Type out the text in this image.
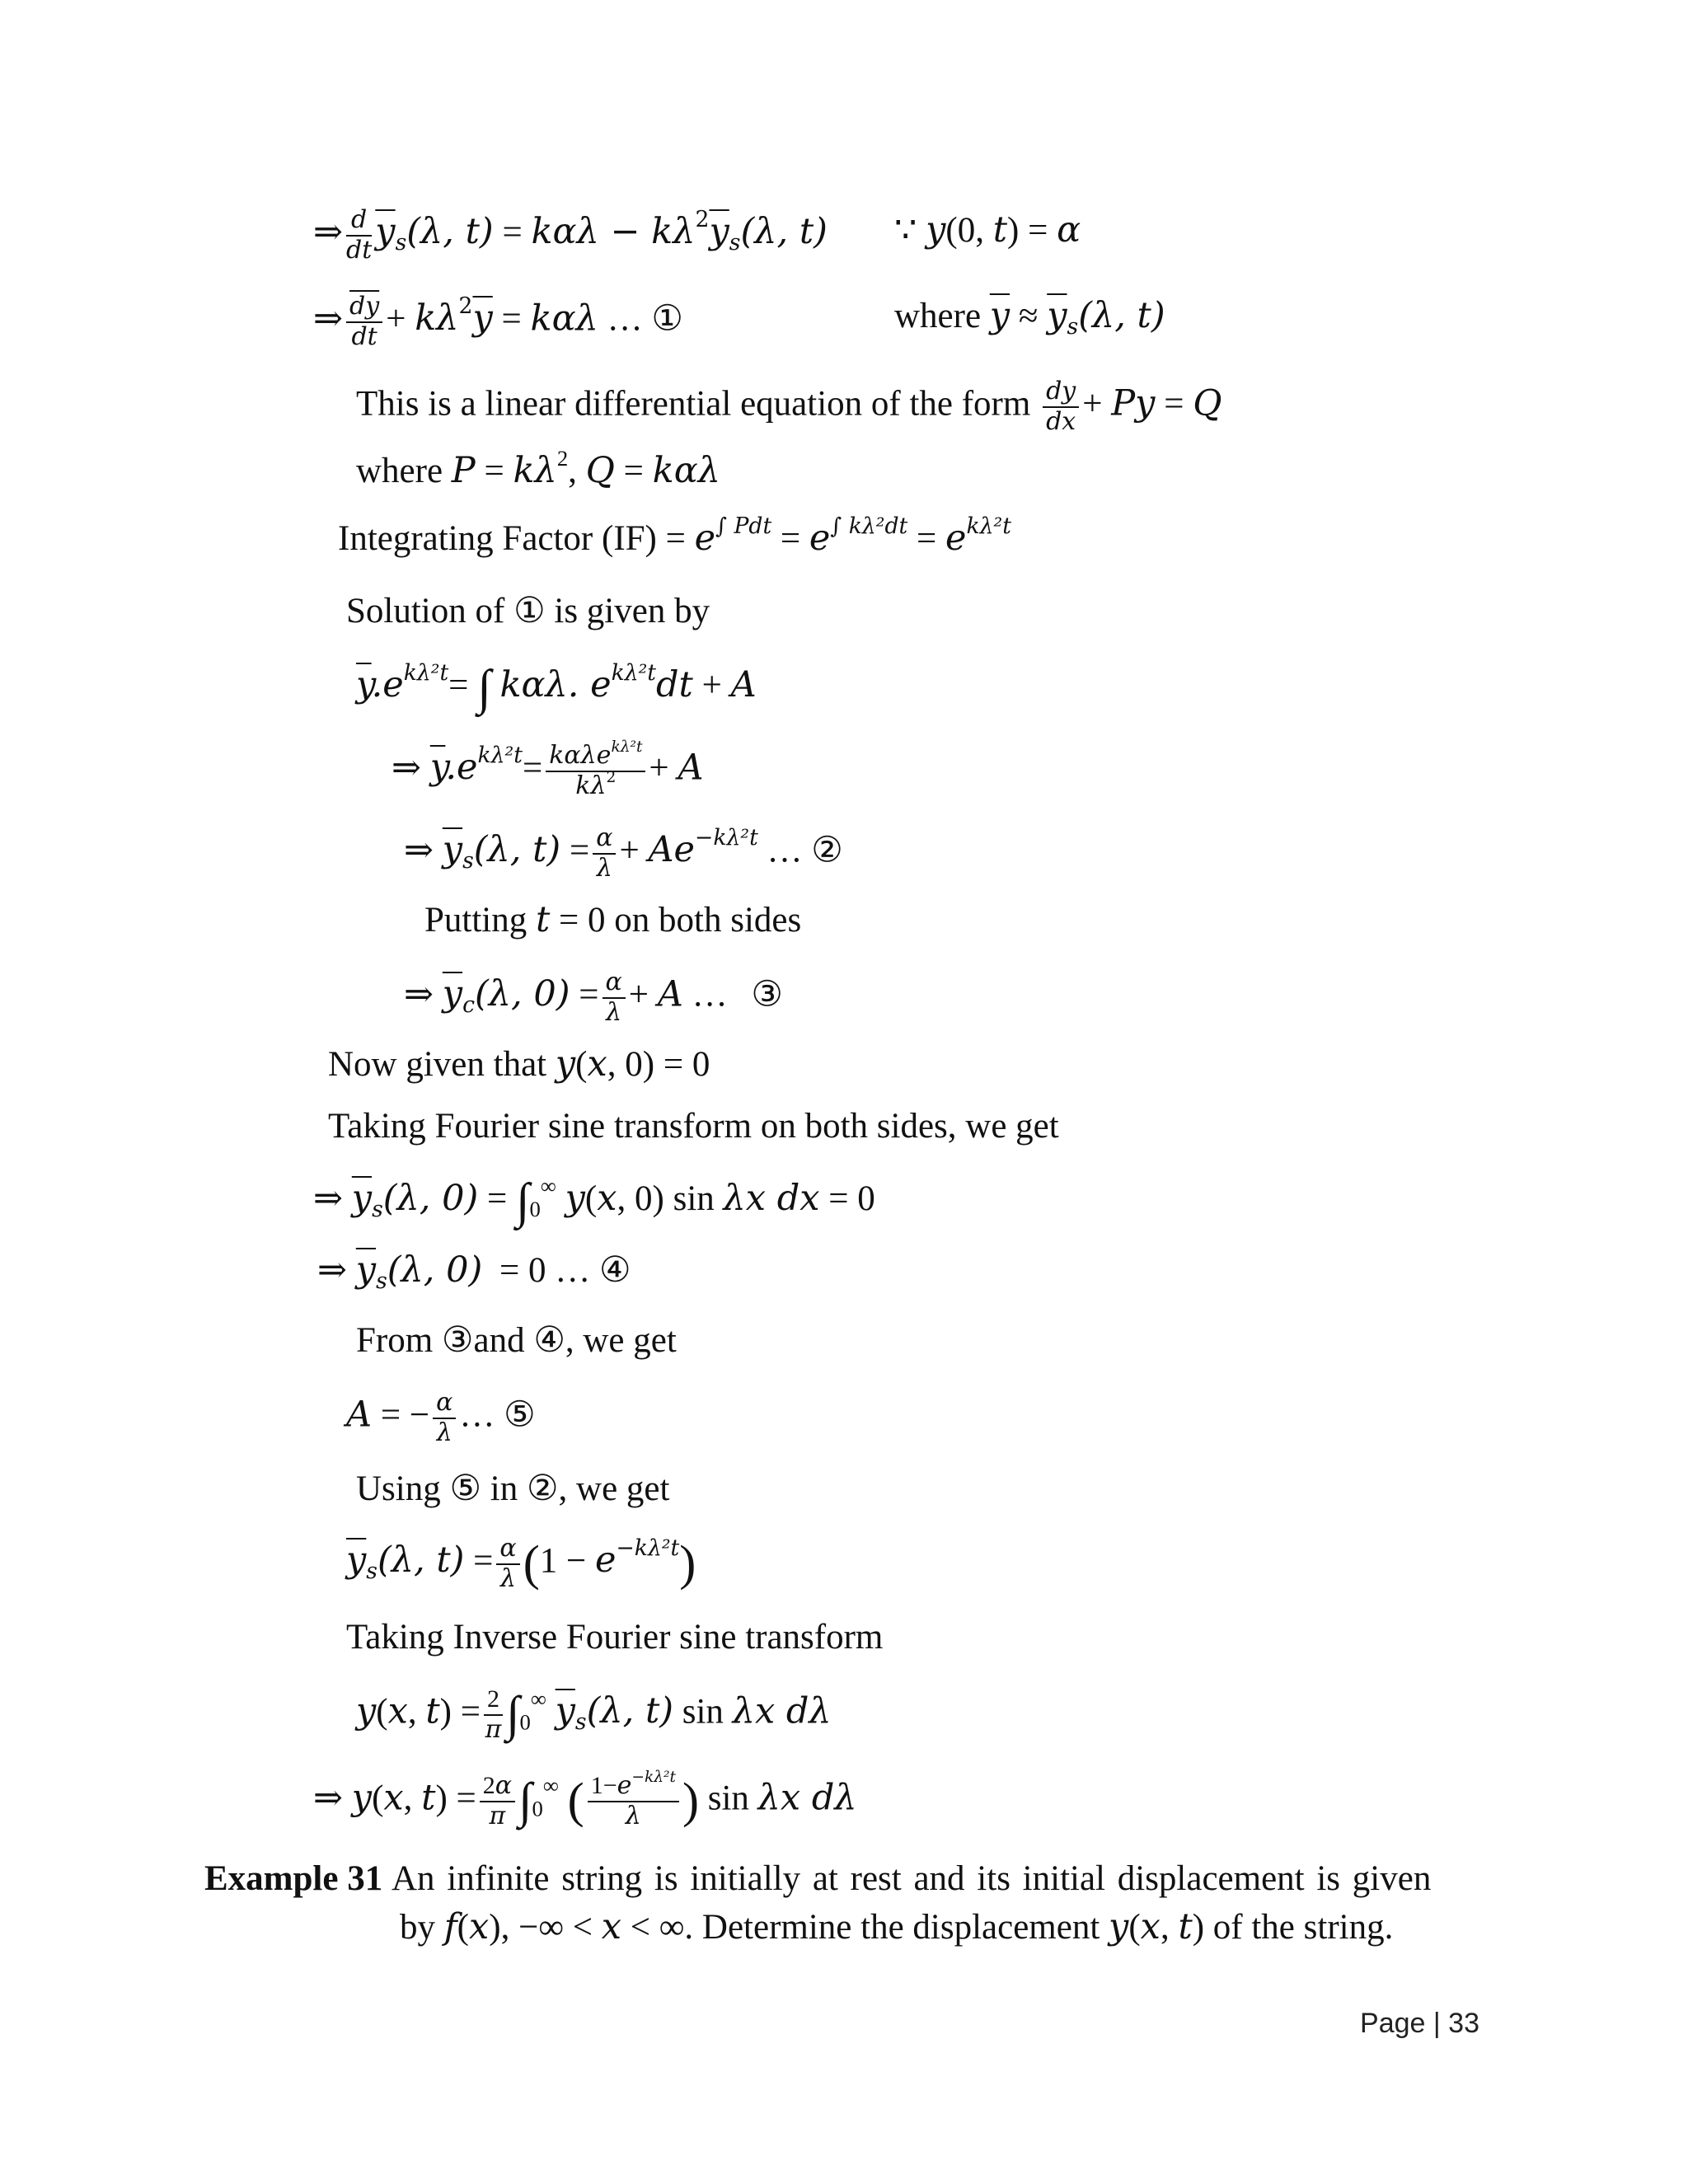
⇒ $\frac{d}{dt} \overline{y}_s(\lambda$, $t) = k\alpha\lambda - k\lambda^2\overline{y}_s(\lambda$, t) ∵ y(0, t) = α
⇒ $\frac{\overline{dy}}{dt} + k\lambda^2\overline{y} = k\alpha\lambda$ … ①	where $\overline{y} \approx \overline{y}_s(\lambda$, t)
This is a linear differential equation of the form $\frac{dy}{dx} + Py = Q$
where $P = k\lambda^2$, Q = kαλ
Integrating Factor $(IF) = e^{\int Pdt} = e^{\int k\lambda^2dt} = e^{k\lambda^2t}$
Solution of ① is given by
$\overline{y}.e^{k\lambda^2t}=$ ∫ kαλ. $e^{k\lambda^2t}dt + A$
⇒ $\overline{y}.e^{k\lambda^2t}= \frac{k\alpha\lambda e^{k\lambda^2t}}{k\lambda^2} + A$
⇒ $\overline{y}_s(\lambda$, $t) = \frac{\alpha}{\lambda} + Ae^{-k\lambda^2t}$ … ②
Putting t = 0 on both sides
⇒ $\overline{y}_c(\lambda$, $0) = \frac{\alpha}{\lambda} + A$ … ③
Now given that y(x, 0) = 0
Taking Fourier sine transform on both sides, we get
⇒ $\overline{y}_s(\lambda$, $0) = \int_0^\infty$ y(x, 0) sin λx dx = 0
⇒ $\overline{y}_s(\lambda$, 0) = 0 … ④
From ③and ④, we get
A = − $\frac{\alpha}{\lambda}$ … ⑤
Using ⑤ in ②, we get
$\overline{y}_s(\lambda$, $t) = \frac{\alpha}{\lambda} (1 - e^{-k\lambda^2t})$
Taking Inverse Fourier sine transform
y(x, $t) = \frac{2}{\pi} \int_0^\infty$ $\overline{y}_s(\lambda$, t) sin λx dλ
⇒ y(x, $t) = \frac{2\alpha}{\pi} \int_0^\infty$ ( $\frac{1-e^{-k\lambda^2t}}{\lambda}$ ) sin λx dλ
Example 31 An infinite string is initially at rest and its initial displacement is given
by f(x), −∞ < x < ∞. Determine the displacement y(x, t) of the string.
Page | 33
